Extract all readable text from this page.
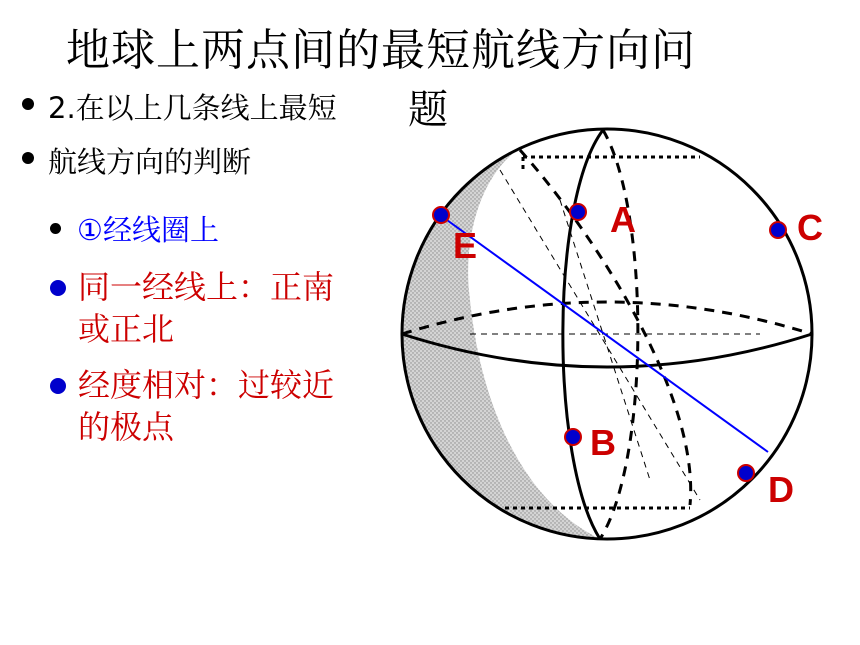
地球上两点间的最短航线方向问
题
2.在以上几条线上最短
航线方向的判断
①经线圈上
同一经线上：正南或正北
经度相对：过较近的极点
A
B
C
D
E
